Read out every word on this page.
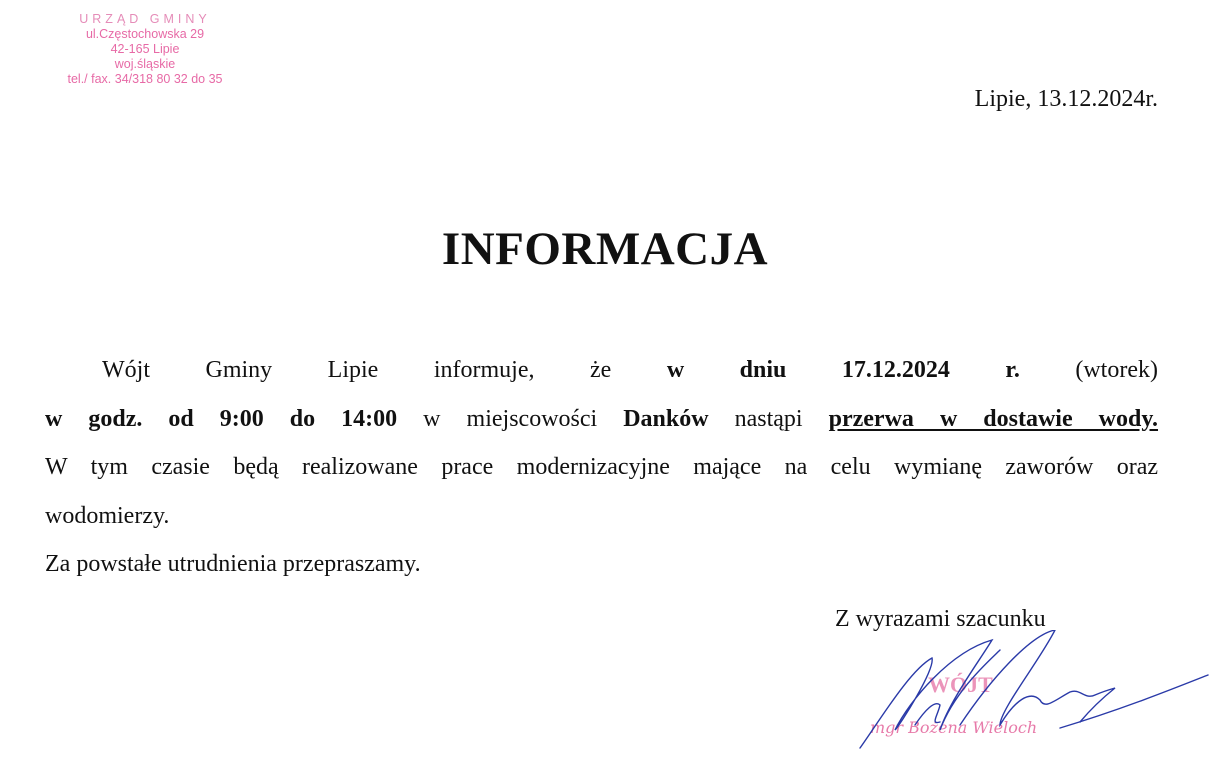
URZĄD GMINY
ul.Częstochowska 29
42-165 Lipie
woj.śląskie
tel./ fax. 34/318 80 32 do 35
Lipie, 13.12.2024r.
INFORMACJA

Wójt Gminy Lipie informuje, że w dniu 17.12.2024 r. (wtorek)
w godz. od 9:00 do 14:00 w miejscowości Danków nastąpi przerwa w dostawie wody.
W tym czasie będą realizowane prace modernizacyjne mające na celu wymianę zaworów oraz
wodomierzy.

Za powstałe utrudnienia przepraszamy.

Z wyrazami szacunku
WÓJT
mgr Bożena Wieloch
